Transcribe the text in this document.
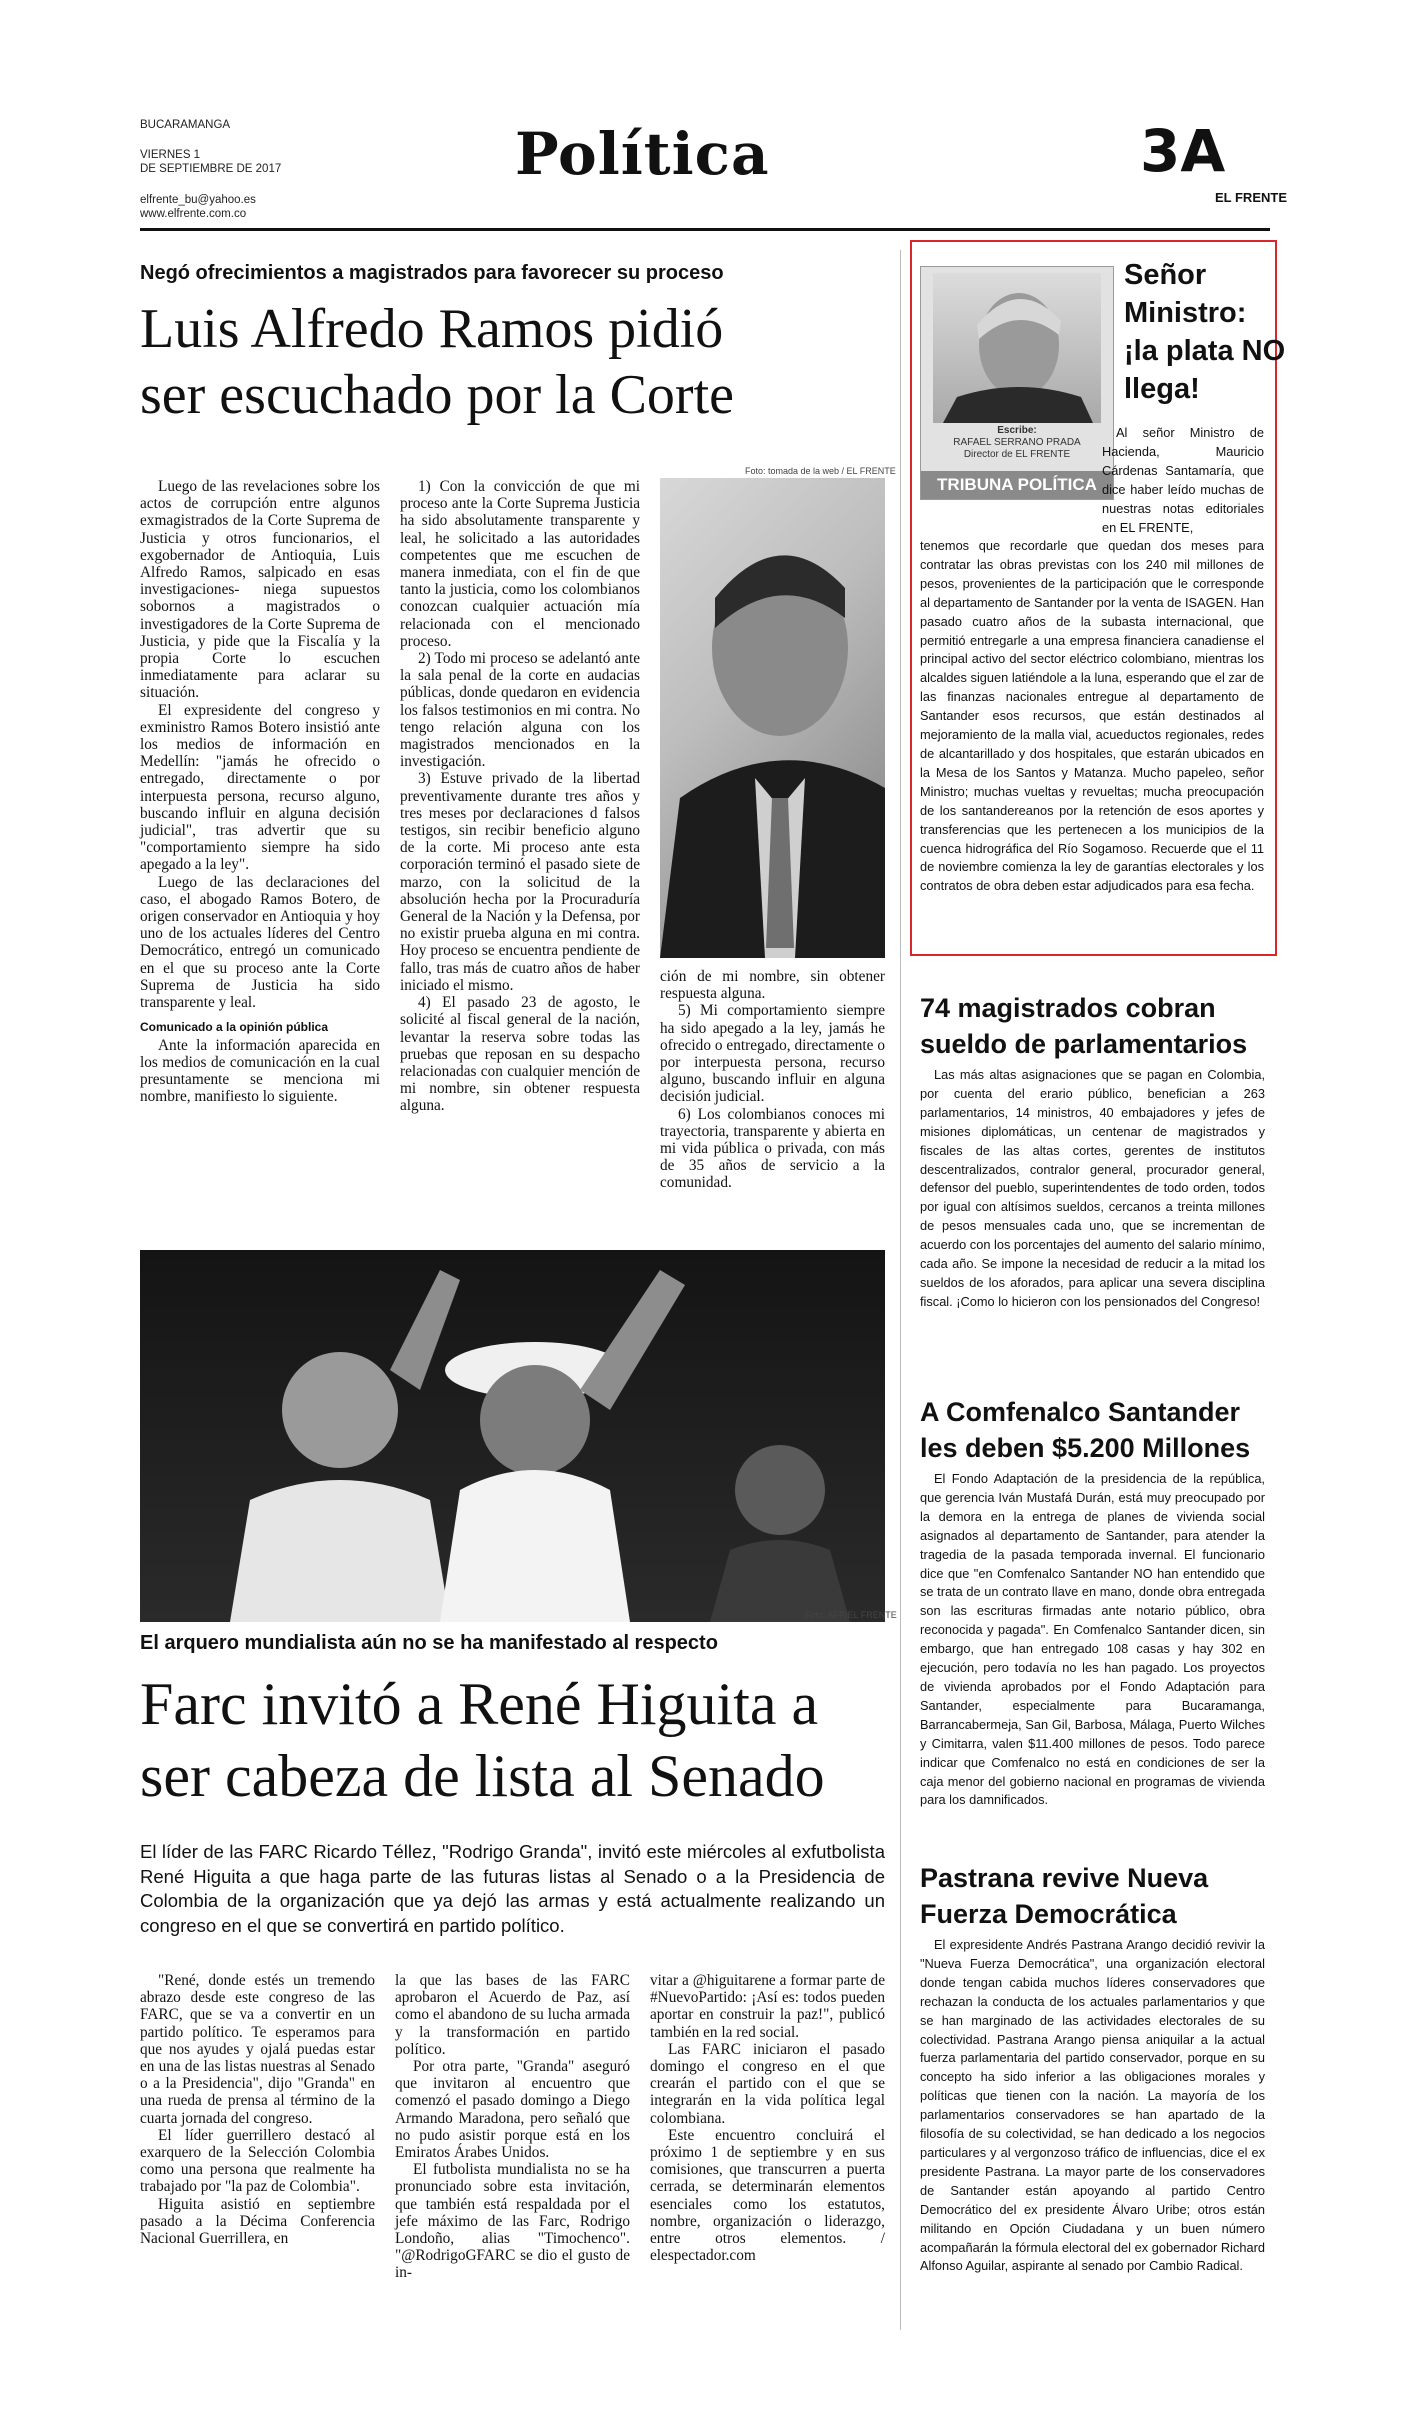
BUCARAMANGA
VIERNES 1
DE SEPTIEMBRE DE 2017
elfrente_bu@yahoo.es
www.elfrente.com.co
Política	3A
EL FRENTE
Negó ofrecimientos a magistrados para favorecer su proceso
Luis Alfredo Ramos pidió
ser escuchado por la Corte

Luego de las revelaciones sobre los actos de corrupción entre algunos exmagistrados de la Corte Suprema de Justicia y otros funcionarios, el exgobernador de Antioquia, Luis Alfredo Ramos, salpicado en esas investigaciones- niega supuestos sobornos a magistrados o investigadores de la Corte Suprema de Justicia, y pide que la Fiscalía y la propia Corte lo escuchen inmediatamente para aclarar su situación.

El expresidente del congreso y exministro Ramos Botero insistió ante los medios de información en Medellín: "jamás he ofrecido o entregado, directamente o por interpuesta persona, recurso alguno, buscando influir en alguna decisión judicial", tras advertir que su "comportamiento siempre ha sido apegado a la ley".

Luego de las declaraciones del caso, el abogado Ramos Botero, de origen conservador en Antioquia y hoy uno de los actuales líderes del Centro Democrático, entregó un comunicado en el que su proceso ante la Corte Suprema de Justicia ha sido transparente y leal.

Comunicado a la opinión pública

Ante la información aparecida en los medios de comunicación en la cual presuntamente se menciona mi nombre, manifiesto lo siguiente.

1) Con la convicción de que mi proceso ante la Corte Suprema Justicia ha sido absolutamente transparente y leal, he solicitado a las autoridades competentes que me escuchen de manera inmediata, con el fin de que tanto la justicia, como los colombianos conozcan cualquier actuación mía relacionada con el mencionado proceso.

2) Todo mi proceso se adelantó ante la sala penal de la corte en audacias públicas, donde quedaron en evidencia los falsos testimonios en mi contra. No tengo relación alguna con los magistrados mencionados en la investigación.

3) Estuve privado de la libertad preventivamente durante tres años y tres meses por declaraciones d falsos testigos, sin recibir beneficio alguno de la corte. Mi proceso ante esta corporación terminó el pasado siete de marzo, con la solicitud de la absolución hecha por la Procuraduría General de la Nación y la Defensa, por no existir prueba alguna en mi contra. Hoy proceso se encuentra pendiente de fallo, tras más de cuatro años de haber iniciado el mismo.

4) El pasado 23 de agosto, le solicité al fiscal general de la nación, levantar la reserva sobre todas las pruebas que reposan en su despacho relacionadas con cualquier mención de mi nombre, sin obtener respuesta alguna.

Foto: tomada de la web / EL FRENTE

ción de mi nombre, sin obtener respuesta alguna.

5) Mi comportamiento siempre ha sido apegado a la ley, jamás he ofrecido o entregado, directamente o por interpuesta persona, recurso alguno, buscando influir en alguna decisión judicial.

6) Los colombianos conoces mi trayectoria, transparente y abierta en mi vida pública o privada, con más de 35 años de servicio a la comunidad.

Foto: AFP/EL FRENTE
El arquero mundialista aún no se ha manifestado al respecto
Farc invitó a René Higuita a
ser cabeza de lista al Senado
El líder de las FARC Ricardo Téllez, "Rodrigo Granda", invitó este miércoles al exfutbolista René Higuita a que haga parte de las futuras listas al Senado o a la Presidencia de Colombia de la organización que ya dejó las armas y está actualmente realizando un congreso en el que se convertirá en partido político.

"René, donde estés un tremendo abrazo desde este congreso de las FARC, que se va a convertir en un partido político. Te esperamos para que nos ayudes y ojalá puedas estar en una de las listas nuestras al Senado o a la Presidencia", dijo "Granda" en una rueda de prensa al término de la cuarta jornada del congreso.

El líder guerrillero destacó al exarquero de la Selección Colombia como una persona que realmente ha trabajado por "la paz de Colombia".

Higuita asistió en septiembre pasado a la Décima Conferencia Nacional Guerrillera, en

la que las bases de las FARC aprobaron el Acuerdo de Paz, así como el abandono de su lucha armada y la transformación en partido político.

Por otra parte, "Granda" aseguró que invitaron al encuentro que comenzó el pasado domingo a Diego Armando Maradona, pero señaló que no pudo asistir porque está en los Emiratos Árabes Unidos.

El futbolista mundialista no se ha pronunciado sobre esta invitación, que también está respaldada por el jefe máximo de las Farc, Rodrigo Londoño, alias "Timochenco". "@RodrigoGFARC se dio el gusto de in-

vitar a @higuitarene a formar parte de #NuevoPartido: ¡Así es: todos pueden aportar en construir la paz!", publicó también en la red social.

Las FARC iniciaron el pasado domingo el congreso en el que crearán el partido con el que se integrarán en la vida política legal colombiana.

Este encuentro concluirá el próximo 1 de septiembre y en sus comisiones, que transcurren a puerta cerrada, se determinarán elementos esenciales como los estatutos, nombre, organización o liderazgo, entre otros elementos. / elespectador.com

Escribe:
RAFAEL SERRANO PRADA
Director de EL FRENTE
TRIBUNA POLÍTICA
Señor
Ministro:
¡la plata NO
llega!

Al señor Ministro de Hacienda, Mauricio Cárdenas Santamaría, que dice haber leído muchas de nuestras notas editoriales en EL FRENTE,

tenemos que recordarle que quedan dos meses para contratar las obras previstas con los 240 mil millones de pesos, provenientes de la participación que le corresponde al departamento de Santander por la venta de ISAGEN. Han pasado cuatro años de la subasta internacional, que permitió entregarle a una empresa financiera canadiense el principal activo del sector eléctrico colombiano, mientras los alcaldes siguen latiéndole a la luna, esperando que el zar de las finanzas nacionales entregue al departamento de Santander esos recursos, que están destinados al mejoramiento de la malla vial, acueductos regionales, redes de alcantarillado y dos hospitales, que estarán ubicados en la Mesa de los Santos y Matanza. Mucho papeleo, señor Ministro; muchas vueltas y revueltas; mucha preocupación de los santandereanos por la retención de esos aportes y transferencias que les pertenecen a los municipios de la cuenca hidrográfica del Río Sogamoso. Recuerde que el 11 de noviembre comienza la ley de garantías electorales y los contratos de obra deben estar adjudicados para esa fecha.

74 magistrados cobran
sueldo de parlamentarios

Las más altas asignaciones que se pagan en Colombia, por cuenta del erario público, benefician a 263 parlamentarios, 14 ministros, 40 embajadores y jefes de misiones diplomáticas, un centenar de magistrados y fiscales de las altas cortes, gerentes de institutos descentralizados, contralor general, procurador general, defensor del pueblo, superintendentes de todo orden, todos por igual con altísimos sueldos, cercanos a treinta millones de pesos mensuales cada uno, que se incrementan de acuerdo con los porcentajes del aumento del salario mínimo, cada año. Se impone la necesidad de reducir a la mitad los sueldos de los aforados, para aplicar una severa disciplina fiscal. ¡Como lo hicieron con los pensionados del Congreso!

A Comfenalco Santander
les deben $5.200 Millones

El Fondo Adaptación de la presidencia de la república, que gerencia Iván Mustafá Durán, está muy preocupado por la demora en la entrega de planes de vivienda social asignados al departamento de Santander, para atender la tragedia de la pasada temporada invernal. El funcionario dice que "en Comfenalco Santander NO han entendido que se trata de un contrato llave en mano, donde obra entregada son las escrituras firmadas ante notario público, obra reconocida y pagada". En Comfenalco Santander dicen, sin embargo, que han entregado 108 casas y hay 302 en ejecución, pero todavía no les han pagado. Los proyectos de vivienda aprobados por el Fondo Adaptación para Santander, especialmente para Bucaramanga, Barrancabermeja, San Gil, Barbosa, Málaga, Puerto Wilches y Cimitarra, valen $11.400 millones de pesos. Todo parece indicar que Comfenalco no está en condiciones de ser la caja menor del gobierno nacional en programas de vivienda para los damnificados.

Pastrana revive Nueva
Fuerza Democrática

El expresidente Andrés Pastrana Arango decidió revivir la "Nueva Fuerza Democrática", una organización electoral donde tengan cabida muchos líderes conservadores que rechazan la conducta de los actuales parlamentarios y que se han marginado de las actividades electorales de su colectividad. Pastrana Arango piensa aniquilar a la actual fuerza parlamentaria del partido conservador, porque en su concepto ha sido inferior a las obligaciones morales y políticas que tienen con la nación. La mayoría de los parlamentarios conservadores se han apartado de la filosofía de su colectividad, se han dedicado a los negocios particulares y al vergonzoso tráfico de influencias, dice el ex presidente Pastrana. La mayor parte de los conservadores de Santander están apoyando al partido Centro Democrático del ex presidente Álvaro Uribe; otros están militando en Opción Ciudadana y un buen número acompañarán la fórmula electoral del ex gobernador Richard Alfonso Aguilar, aspirante al senado por Cambio Radical.
